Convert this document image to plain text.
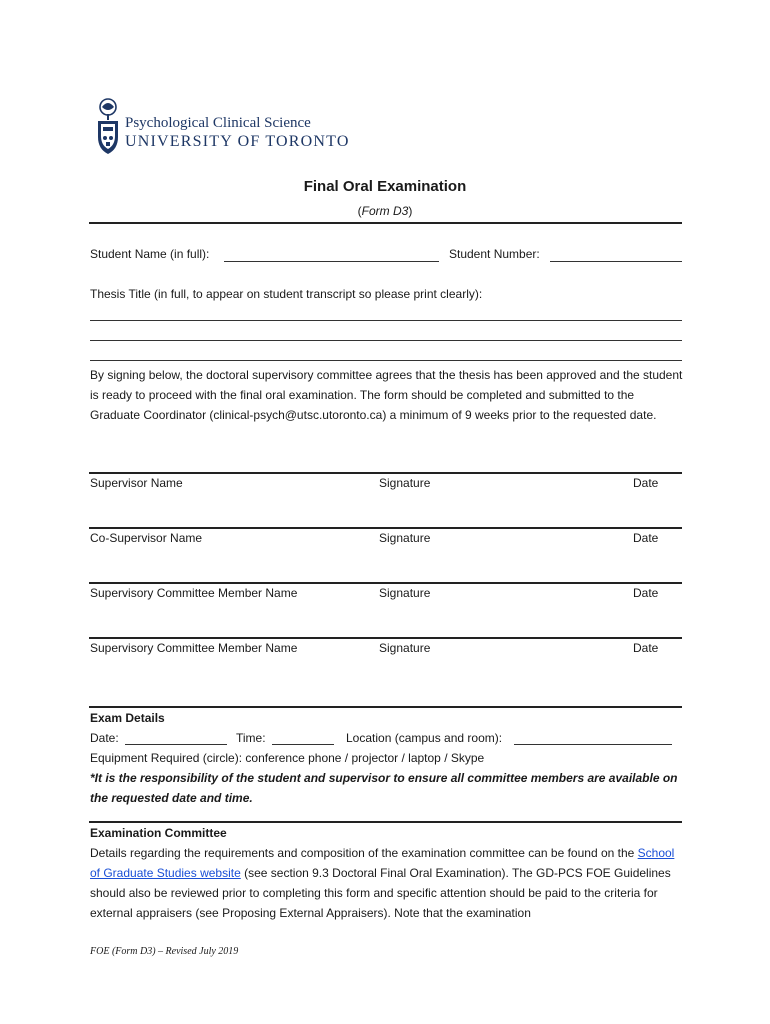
Psychological Clinical Science
UNIVERSITY OF TORONTO
Final Oral Examination
(Form D3)
Student Name (in full):	Student Number:
Thesis Title (in full, to appear on student transcript so please print clearly):
By signing below, the doctoral supervisory committee agrees that the thesis has been approved and the student is ready to proceed with the final oral examination. The form should be completed and submitted to the Graduate Coordinator (clinical-psych@utsc.utoronto.ca) a minimum of 9 weeks prior to the requested date.
Supervisor Name	Signature	Date
Co-Supervisor Name	Signature	Date
Supervisory Committee Member Name	Signature	Date
Supervisory Committee Member Name	Signature	Date
Exam Details
Date:	Time:	Location (campus and room):
Equipment Required (circle): conference phone / projector / laptop / Skype
*It is the responsibility of the student and supervisor to ensure all committee members are available on the requested date and time.
Examination Committee
Details regarding the requirements and composition of the examination committee can be found on the School of Graduate Studies website (see section 9.3 Doctoral Final Oral Examination). The GD-PCS FOE Guidelines should also be reviewed prior to completing this form and specific attention should be paid to the criteria for external appraisers (see Proposing External Appraisers). Note that the examination
FOE (Form D3) – Revised July 2019
